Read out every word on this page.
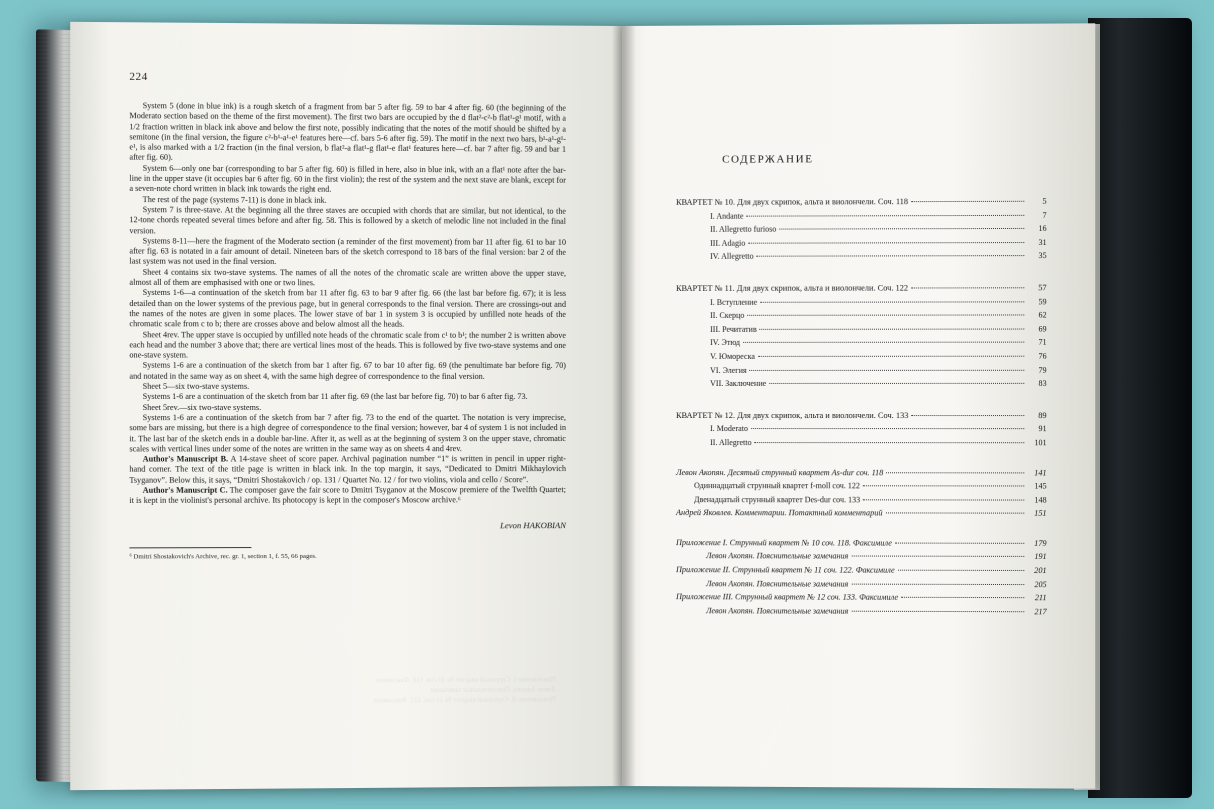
224

System 5 (done in blue ink) is a rough sketch of a fragment from bar 5 after fig. 59 to bar 4 after fig. 60 (the beginning of the Moderato section based on the theme of the first movement). The first two bars are occupied by the d flat²-c²-b flat¹-g¹ motif, with a 1/2 fraction written in black ink above and below the first note, possibly indicating that the notes of the motif should be shifted by a semitone (in the final version, the figure c²-b¹-a¹-e¹ features here—cf. bars 5-6 after fig. 59). The motif in the next two bars, b¹-a¹-g¹-e¹, is also marked with a 1/2 fraction (in the final version, b flat²-a flat¹-g flat¹-e flat¹ features here—cf. bar 7 after fig. 59 and bar 1 after fig. 60).

System 6—only one bar (corresponding to bar 5 after fig. 60) is filled in here, also in blue ink, with an a flat¹ note after the bar-line in the upper stave (it occupies bar 6 after fig. 60 in the first violin); the rest of the system and the next stave are blank, except for a seven-note chord written in black ink towards the right end.

The rest of the page (systems 7-11) is done in black ink.

System 7 is three-stave. At the beginning all the three staves are occupied with chords that are similar, but not identical, to the 12-tone chords repeated several times before and after fig. 58. This is followed by a sketch of melodic line not included in the final version.

Systems 8-11—here the fragment of the Moderato section (a reminder of the first movement) from bar 11 after fig. 61 to bar 10 after fig. 63 is notated in a fair amount of detail. Nineteen bars of the sketch correspond to 18 bars of the final version: bar 2 of the last system was not used in the final version.

Sheet 4 contains six two-stave systems. The names of all the notes of the chromatic scale are written above the upper stave, almost all of them are emphasised with one or two lines.

Systems 1-6—a continuation of the sketch from bar 11 after fig. 63 to bar 9 after fig. 66 (the last bar before fig. 67); it is less detailed than on the lower systems of the previous page, but in general corresponds to the final version. There are crossings-out and the names of the notes are given in some places. The lower stave of bar 1 in system 3 is occupied by unfilled note heads of the chromatic scale from c to b; there are crosses above and below almost all the heads.

Sheet 4rev. The upper stave is occupied by unfilled note heads of the chromatic scale from c¹ to b¹; the number 2 is written above each head and the number 3 above that; there are vertical lines most of the heads. This is followed by five two-stave systems and one one-stave system.

Systems 1-6 are a continuation of the sketch from bar 1 after fig. 67 to bar 10 after fig. 69 (the penultimate bar before fig. 70) and notated in the same way as on sheet 4, with the same high degree of correspondence to the final version.

Sheet 5—six two-stave systems.

Systems 1-6 are a continuation of the sketch from bar 11 after fig. 69 (the last bar before fig. 70) to bar 6 after fig. 73.

Sheet 5rev.—six two-stave systems.

Systems 1-6 are a continuation of the sketch from bar 7 after fig. 73 to the end of the quartet. The notation is very imprecise, some bars are missing, but there is a high degree of correspondence to the final version; however, bar 4 of system 1 is not included in it. The last bar of the sketch ends in a double bar-line. After it, as well as at the beginning of system 3 on the upper stave, chromatic scales with vertical lines under some of the notes are written in the same way as on sheets 4 and 4rev.

Author's Manuscript B. A 14-stave sheet of score paper. Archival pagination number “1” is written in pencil in upper right-hand corner. The text of the title page is written in black ink. In the top margin, it says, “Dedicated to Dmitri Mikhaylovich Tsyganov”. Below this, it says, “Dmitri Shostakovich / op. 131 / Quartet No. 12 / for two violins, viola and cello / Score”.

Author's Manuscript C. The composer gave the fair score to Dmitri Tsyganov at the Moscow premiere of the Twelfth Quartet; it is kept in the violinist's personal archive. Its photocopy is kept in the composer's Moscow archive.⁶

Levon HAKOBIAN
⁶ Dmitri Shostakovich's Archive, rec. gr. 1, section 1, f. 55, 66 pages.
Приложение I. Струнный квартет № 10 соч. 118. Факсимиле
Левон Акопян. Пояснительные замечания
Приложение II. Струнный квартет № 11 соч. 122. Факсимиле
СОДЕРЖАНИЕ
КВАРТЕТ № 10. Для двух скрипок, альта и виолончели. Соч. 118	5
I. Andante	7
II. Allegretto furioso	16
III. Adagio	31
IV. Allegretto	35
КВАРТЕТ № 11. Для двух скрипок, альта и виолончели. Соч. 122	57
I. Вступление	59
II. Скерцо	62
III. Речитатив	69
IV. Этюд	71
V. Юмореска	76
VI. Элегия	79
VII. Заключение	83
КВАРТЕТ № 12. Для двух скрипок, альта и виолончели. Соч. 133	89
I. Moderato	91
II. Allegretto	101
Левон Акопян. Десятый струнный квартет As-dur соч. 118	141
Одиннадцатый струнный квартет f-moll соч. 122	145
Двенадцатый струнный квартет Des-dur соч. 133	148
Андрей Яковлев. Комментарии. Потактный комментарий	151
Приложение I. Струнный квартет № 10 соч. 118. Факсимиле	179
Левон Акопян. Пояснительные замечания	191
Приложение II. Струнный квартет № 11 соч. 122. Факсимиле	201
Левон Акопян. Пояснительные замечания	205
Приложение III. Струнный квартет № 12 соч. 133. Факсимиле	211
Левон Акопян. Пояснительные замечания	217
